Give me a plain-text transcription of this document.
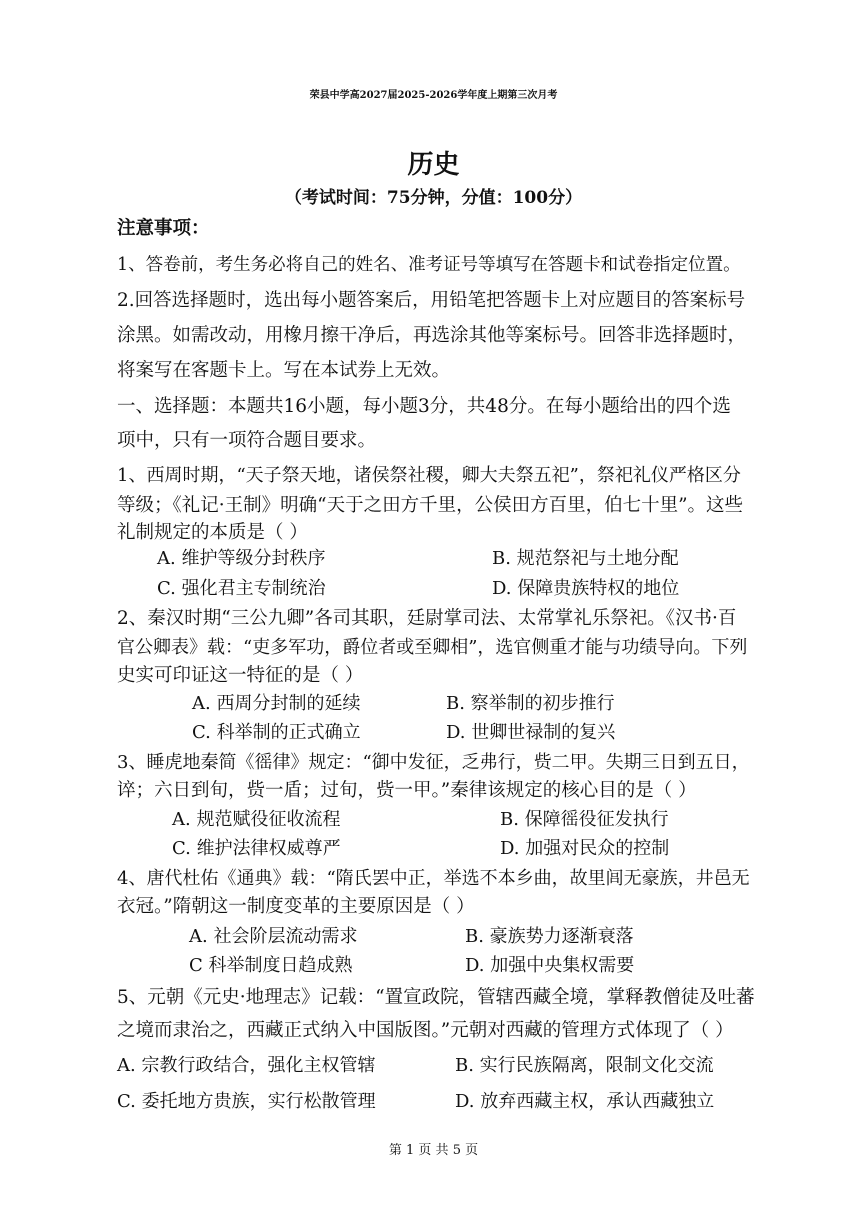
荣县中学高2027届2025-2026学年度上期第三次月考
历史
（考试时间：75分钟，分值：100分）
注意事项：
1、答卷前，考生务必将自己的姓名、准考证号等填写在答题卡和试卷指定位置。
2.回答选择题时，选出每小题答案后，用铅笔把答题卡上对应题目的答案标号
涂黑。如需改动，用橡月擦干净后，再选涂其他等案标号。回答非选择题时，
将案写在客题卡上。写在本试券上无效。
一、选择题：本题共16小题，每小题3分，共48分。在每小题给出的四个选
项中，只有一项符合题目要求。
1、西周时期，“天子祭天地，诸侯祭社稷，卿大夫祭五祀”，祭祀礼仪严格区分
等级；《礼记·王制》明确“天于之田方千里，公侯田方百里，伯七十里”。这些
礼制规定的本质是（ ）
A. 维护等级分封秩序	B. 规范祭祀与土地分配
C. 强化君主专制统治	D. 保障贵族特权的地位
2、秦汉时期“三公九卿”各司其职，廷尉掌司法、太常掌礼乐祭祀。《汉书·百
官公卿表》载：“吏多军功，爵位者或至卿相”，选官侧重才能与功绩导向。下列
史实可印证这一特征的是（ ）
A. 西周分封制的延续	B. 察举制的初步推行
C. 科举制的正式确立	D. 世卿世禄制的复兴
3、睡虎地秦简《徭律》规定：“御中发征，乏弗行，赀二甲。失期三日到五日，
谇；六日到旬，赀一盾；过旬，赀一甲。”秦律该规定的核心目的是（ ）
A. 规范赋役征收流程	B. 保障徭役征发执行
C. 维护法律权威尊严	D. 加强对民众的控制
4、唐代杜佑《通典》载：“隋氏罢中正，举选不本乡曲，故里闾无豪族，井邑无
衣冠。”隋朝这一制度变革的主要原因是（ ）
A. 社会阶层流动需求	B. 豪族势力逐渐衰落
C 科举制度日趋成熟	D. 加强中央集权需要
5、元朝《元史·地理志》记载：“置宣政院，管辖西藏全境，掌释教僧徒及吐蕃
之境而隶治之，西藏正式纳入中国版图。”元朝对西藏的管理方式体现了（ ）
A. 宗教行政结合，强化主权管辖	B. 实行民族隔离，限制文化交流
C. 委托地方贵族，实行松散管理	D. 放弃西藏主权，承认西藏独立
第 1 页 共 5 页
